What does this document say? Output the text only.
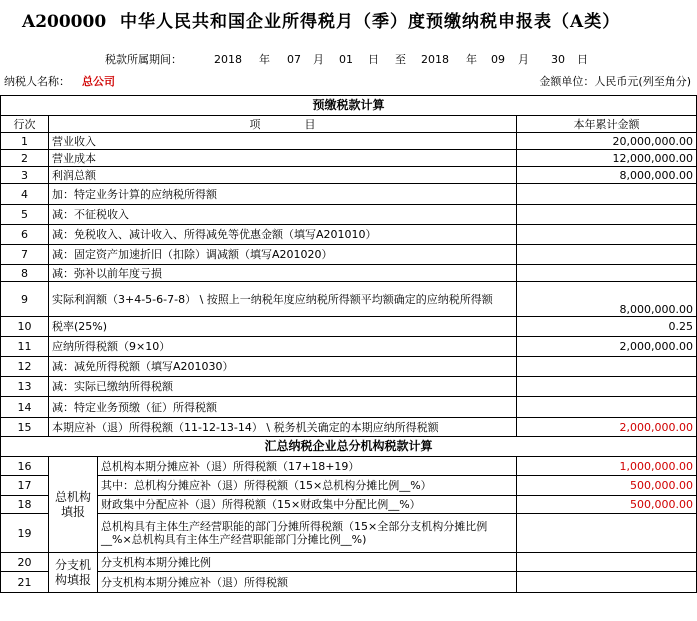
A200000 中华人民共和国企业所得税月（季）度预缴纳税申报表（A类）
税款所属期间：	2018 年 07 月 01 日 至 2018 年 09 月 30 日
纳税人名称： 总公司	金额单位：人民币元(列至角分)
预缴税款计算			
行次	项　　　　目		本年累计金额
1	营业收入		20,000,000.00
2	营业成本		12,000,000.00
3	利润总额		8,000,000.00
4	加：特定业务计算的应纳税所得额		
5	减：不征税收入		
6	减：免税收入、减计收入、所得减免等优惠金额（填写A201010）		
7	减：固定资产加速折旧（扣除）调减额（填写A201020）		
8	减：弥补以前年度亏损		
9	实际利润额（3+4-5-6-7-8） \ 按照上一纳税年度应纳税所得额平均额确定的应纳税所得额		8,000,000.00
10	税率(25%)		0.25
11	应纳所得税额（9×10）		2,000,000.00
12	减：减免所得税额（填写A201030）		
13	减：实际已缴纳所得税额		
14	减：特定业务预缴（征）所得税额		
15	本期应补（退）所得税额（11-12-13-14） \ 税务机关确定的本期应纳所得税额		2,000,000.00
汇总纳税企业总分机构税款计算			
16	总机构填报	总机构本期分摊应补（退）所得税额（17+18+19）	1,000,000.00
17		其中：总机构分摊应补（退）所得税额（15×总机构分摊比例__%）	500,000.00
18		财政集中分配应补（退）所得税额（15×财政集中分配比例__%）	500,000.00
19		总机构具有主体生产经营职能的部门分摊所得税额（15×全部分支机构分摊比例__%×总机构具有主体生产经营职能部门分摊比例__%)	
20	分支机构填报	分支机构本期分摊比例	
21		分支机构本期分摊应补（退）所得税额	
